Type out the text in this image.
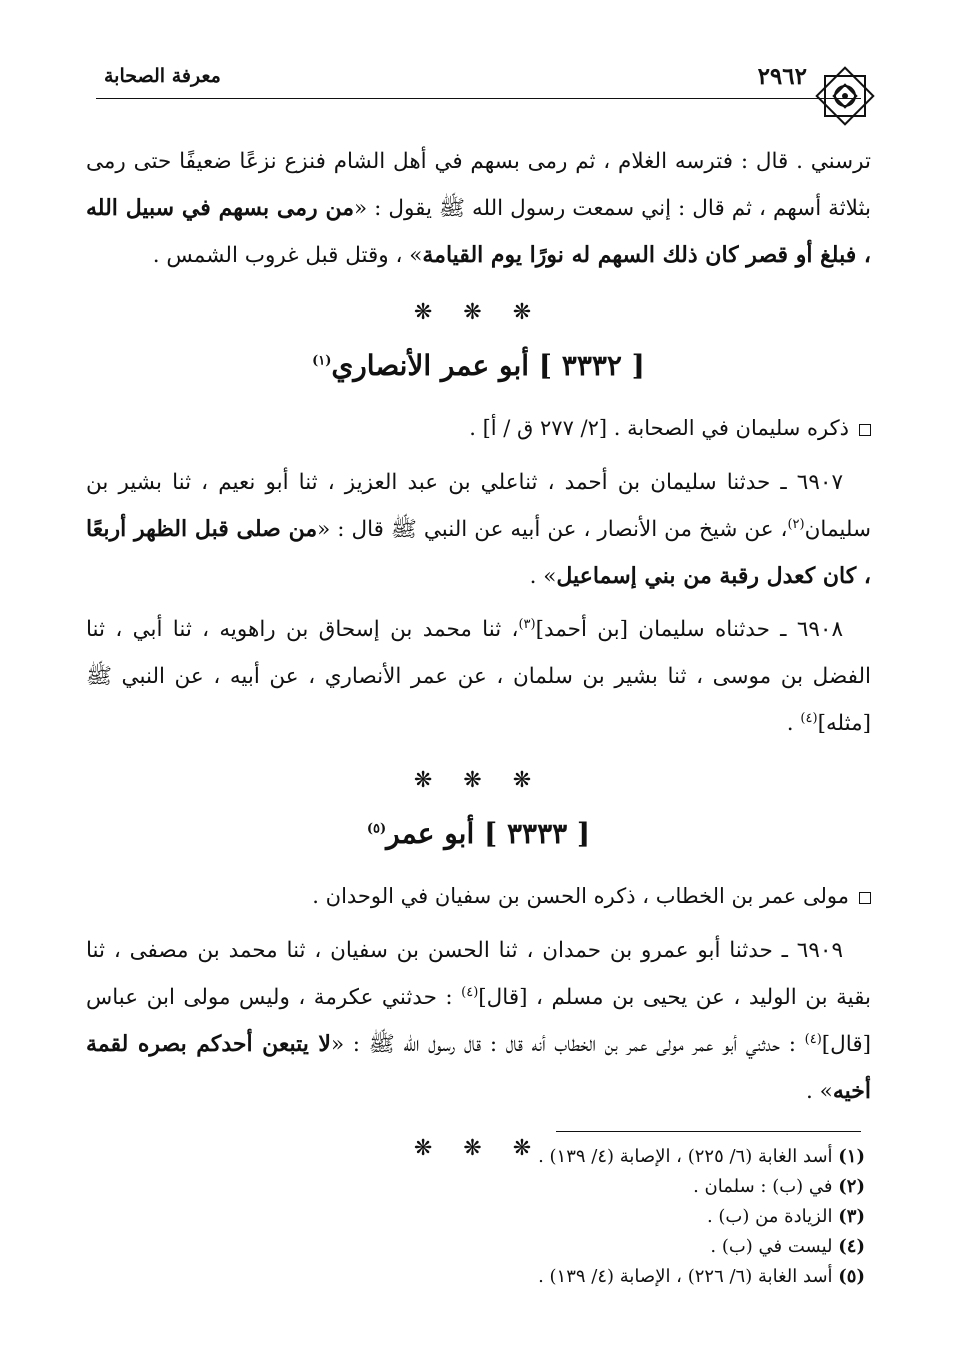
٢٩٦٢
معرفة الصحابة

ترسني . قال : فترسه الغلام ، ثم رمى بسهم في أهل الشام فنزع نزعًا ضعيفًا حتى رمى بثلاثة أسهم ، ثم قال : إني سمعت رسول الله ﷺ يقول : «من رمى بسهم في سبيل الله ، فبلغ أو قصر كان ذلك السهم له نورًا يوم القيامة» ، وقتل قبل غروب الشمس .

❋ ❋ ❋
[ ٣٣٣٢ ] أبو عمر الأنصاري$^{(١)}$
ذكره سليمان في الصحابة . [٢/ ٢٧٧ ق / أ] .

٦٩٠٧ ـ حدثنا سليمان بن أحمد ، ثناعلي بن عبد العزيز ، ثنا أبو نعيم ، ثنا بشير بن سليمان$^{(٢)}$، عن شيخ من الأنصار ، عن أبيه عن النبي ﷺ قال : «من صلى قبل الظهر أربعًا ، كان كعدل رقبة من بني إسماعيل» .

٦٩٠٨ ـ حدثناه سليمان [بن أحمد]$^{(٣)}$، ثنا محمد بن إسحاق بن راهويه ، ثنا أبي ، ثنا الفضل بن موسى ، ثنا بشير بن سلمان ، عن عمر الأنصاري ، عن أبيه ، عن النبي ﷺ [مثله]$^{(٤)}$ .

❋ ❋ ❋
[ ٣٣٣٣ ] أبو عمر$^{(٥)}$
مولى عمر بن الخطاب ، ذكره الحسن بن سفيان في الوحدان .

٦٩٠٩ ـ حدثنا أبو عمرو بن حمدان ، ثنا الحسن بن سفيان ، ثنا محمد بن مصفى ، ثنا بقية بن الوليد ، عن يحيى بن مسلم ، [قال]$^{(٤)}$ : حدثني عكرمة ، وليس مولى ابن عباس [قال]$^{(٤)}$ : حدثني أبو عمر مولى عمر بن الخطاب أنه قال : قال رسول الله ﷺ : «لا يتبعن أحدكم بصره لقمة أخيه» .

❋ ❋ ❋	(١) أسد الغابة (٦/ ٢٢٥) ، الإصابة (٤/ ١٣٩) .
(٢) في (ب) : سلمان .
(٣) الزيادة من (ب) .
(٤) ليست في (ب) .
(٥) أسد الغابة (٦/ ٢٢٦) ، الإصابة (٤/ ١٣٩) .
